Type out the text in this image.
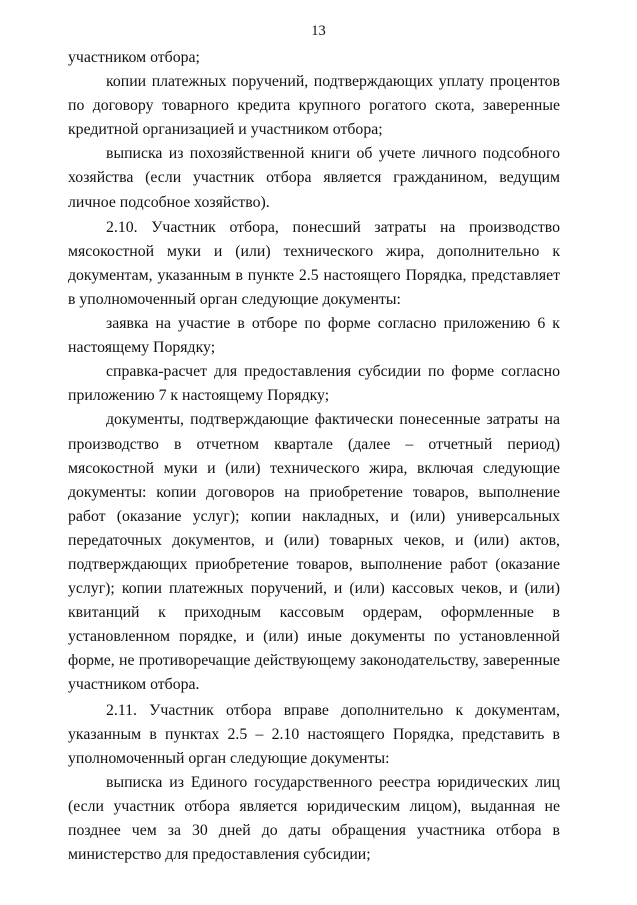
13

участником отбора;

копии платежных поручений, подтверждающих уплату процентов по договору товарного кредита крупного рогатого скота, заверенные кредитной организацией и участником отбора;

выписка из похозяйственной книги об учете личного подсобного хозяйства (если участник отбора является гражданином, ведущим личное подсобное хозяйство).

2.10. Участник отбора, понесший затраты на производство мясокостной муки и (или) технического жира, дополнительно к документам, указанным в пункте 2.5 настоящего Порядка, представляет в уполномоченный орган следующие документы:

заявка на участие в отборе по форме согласно приложению 6 к настоящему Порядку;

справка-расчет для предоставления субсидии по форме согласно приложению 7 к настоящему Порядку;

документы, подтверждающие фактически понесенные затраты на производство в отчетном квартале (далее – отчетный период) мясокостной муки и (или) технического жира, включая следующие документы: копии договоров на приобретение товаров, выполнение работ (оказание услуг); копии накладных, и (или) универсальных передаточных документов, и (или) товарных чеков, и (или) актов, подтверждающих приобретение товаров, выполнение работ (оказание услуг); копии платежных поручений, и (или) кассовых чеков, и (или) квитанций к приходным кассовым ордерам, оформленные в установленном порядке, и (или) иные документы по установленной форме, не противоречащие действующему законодательству, заверенные участником отбора.

2.11. Участник отбора вправе дополнительно к документам, указанным в пунктах 2.5 – 2.10 настоящего Порядка, представить в уполномоченный орган следующие документы:

выписка из Единого государственного реестра юридических лиц (если участник отбора является юридическим лицом), выданная не позднее чем за 30 дней до даты обращения участника отбора в министерство для предоставления субсидии;
